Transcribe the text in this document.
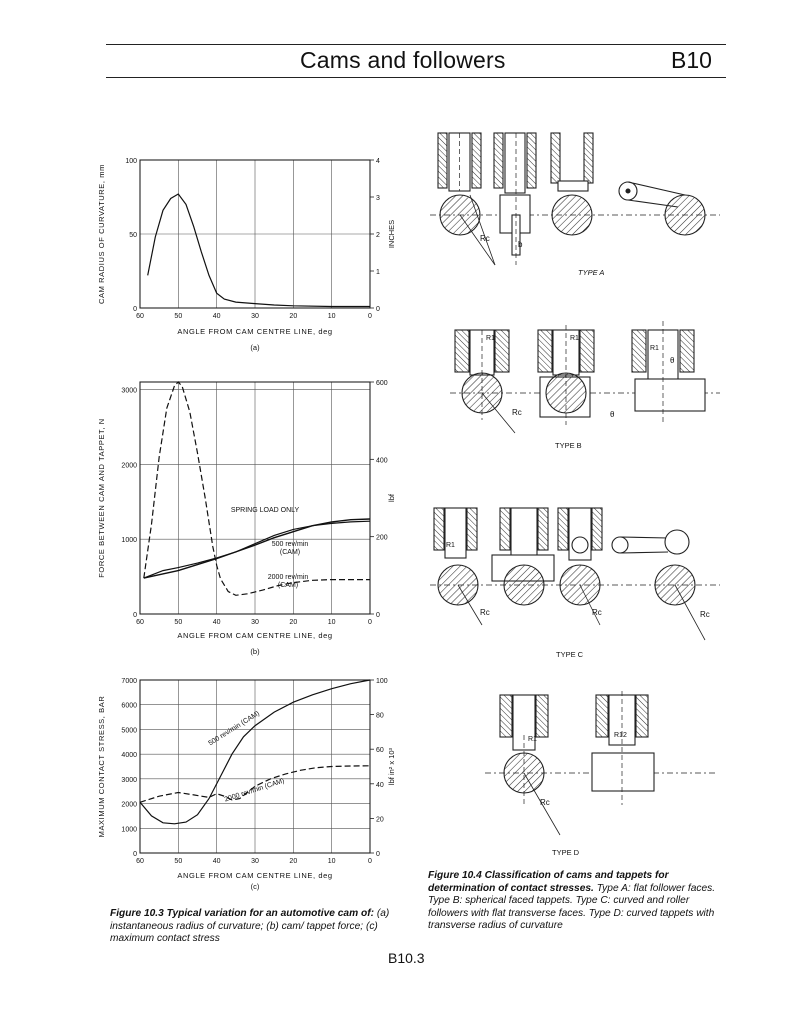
Cams and followers	B10
60	50	40	30	20	10	0
0
50
100
0
1
2
3
4
ANGLE FROM CAM CENTRE LINE, deg
CAM RADIUS OF CURVATURE, mm	INCHES
(a)
60	50	40	30	20	10	0
0
1000
2000
3000
0
200
400
600
ANGLE FROM CAM CENTRE LINE, deg
FORCE BETWEEN CAM AND TAPPET, N	lbf
(b)
SPRING LOAD ONLY
500 rev/min
(CAM)
2000 rev/min
(CAM)
60	50	40	30	20	10	0
0
1000
2000
3000
4000
5000
6000
7000
0
20
40
60
80
100
ANGLE FROM CAM CENTRE LINE, deg
MAXIMUM CONTACT STRESS, BAR	lbf in² x 10³
(c)
500 rev/min (CAM)
2000 rev/min (CAM)
Figure 10.3 Typical variation for an automotive cam of: (a) instantaneous radius of curvature; (b) cam/ tappet force; (c) maximum contact stress
Rc
b
TYPE A
R1	R1
R1
Rc	θ
θ
TYPE B
R1
Rc	Rc	Rc
TYPE C
R1
R12
Rc
TYPE D
Figure 10.4 Classification of cams and tappets for determination of contact stresses. Type A: flat follower faces. Type B: spherical faced tappets. Type C: curved and roller followers with flat transverse faces. Type D: curved tappets with transverse radius of curvature
B10.3
